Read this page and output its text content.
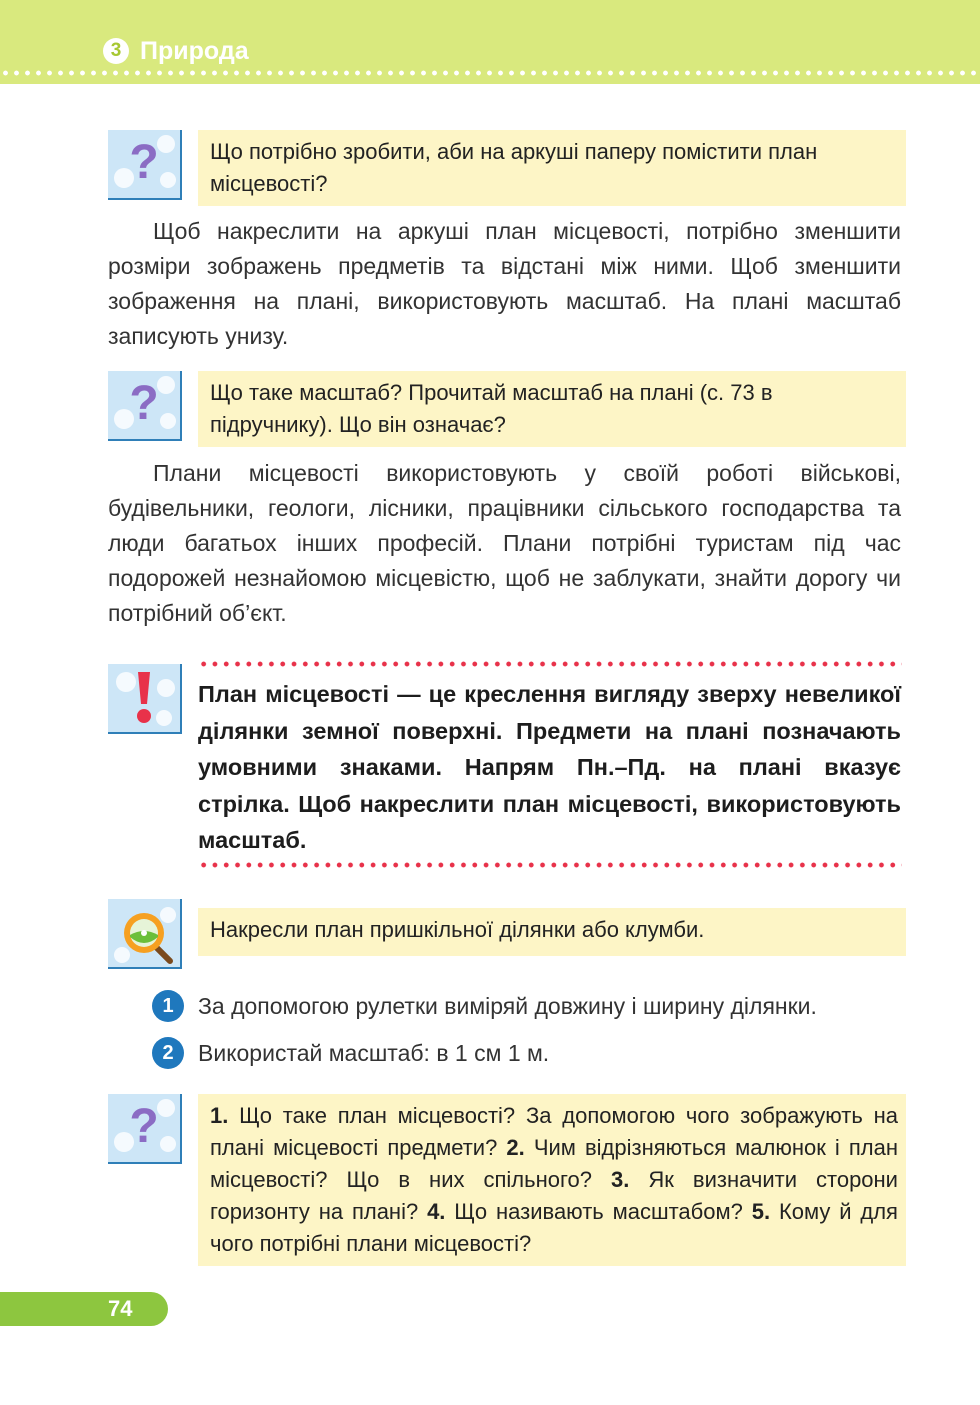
3 Природа
?	Що потрібно зробити, аби на аркуші паперу помістити план місцевості?

Щоб накреслити на аркуші план місцевості, потрібно зменшити розміри зображень предметів та відстані між ними. Щоб зменшити зображення на плані, використовують масштаб. На плані масштаб записують унизу.

?	Що таке масштаб? Прочитай масштаб на плані (с. 73 в підручнику). Що він означає?

Плани місцевості використовують у своїй роботі військові, будівельники, геологи, лісники, працівники сільського господарства та люди багатьох інших професій. Плани потрібні туристам під час подорожей незнайомою місцевістю, щоб не заблукати, знайти дорогу чи потрібний об’єкт.

План місцевості — це креслення вигляду зверху невеликої ділянки земної поверхні. Предмети на плані позначають умовними знаками. Напрям Пн.–Пд. на плані вказує стрілка. Щоб накреслити план місцевості, використовують масштаб.

Накресли план пришкільної ділянки або клумби.
1	За допомогою рулетки виміряй довжину і ширину ділянки.
2	Використай масштаб: в 1 см 1 м.
?	1. Що таке план місцевості? За допомогою чого зображують на плані місцевості предмети? 2. Чим відрізняються малюнок і план місцевості? Що в них спільного? 3. Як визначити сторони горизонту на плані? 4. Що називають масштабом? 5. Кому й для чого потрібні плани місцевості?
74
